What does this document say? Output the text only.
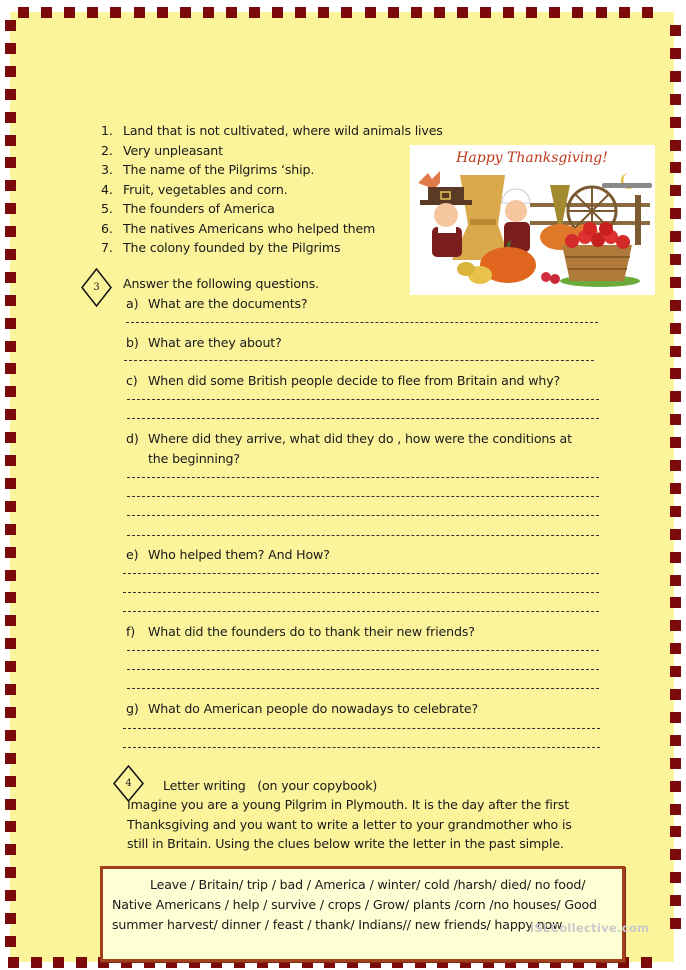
1. Land that is not cultivated, where wild animals lives
2. Very unpleasant
3. The name of the Pilgrims ‘ship.
4. Fruit, vegetables and corn.
5. The founders of America
6. The natives Americans who helped them
7. The colony founded by the Pilgrims
Happy Thanksgiving!
3	Answer the following questions.
a) What are the documents?
b) What are they about?
c) When did some British people decide to flee from Britain and why?
d) Where did they arrive, what did they do , how were the conditions at
the beginning?
e) Who helped them? And How?
f) What did the founders do to thank their new friends?
g) What do American people do nowadays to celebrate?
4	Letter writing   (on your copybook)
Imagine you are a young Pilgrim in Plymouth. It is the day after the first
Thanksgiving and you want to write a letter to your grandmother who is
still in Britain. Using the clues below write the letter in the past simple.
Leave / Britain/ trip / bad / America / winter/ cold /harsh/ died/ no food/ Native Americans / help / survive / crops / Grow/ plants /corn /no houses/ Good summer harvest/ dinner / feast / thank/ Indians// new friends/ happy now
iSLCollective.com
